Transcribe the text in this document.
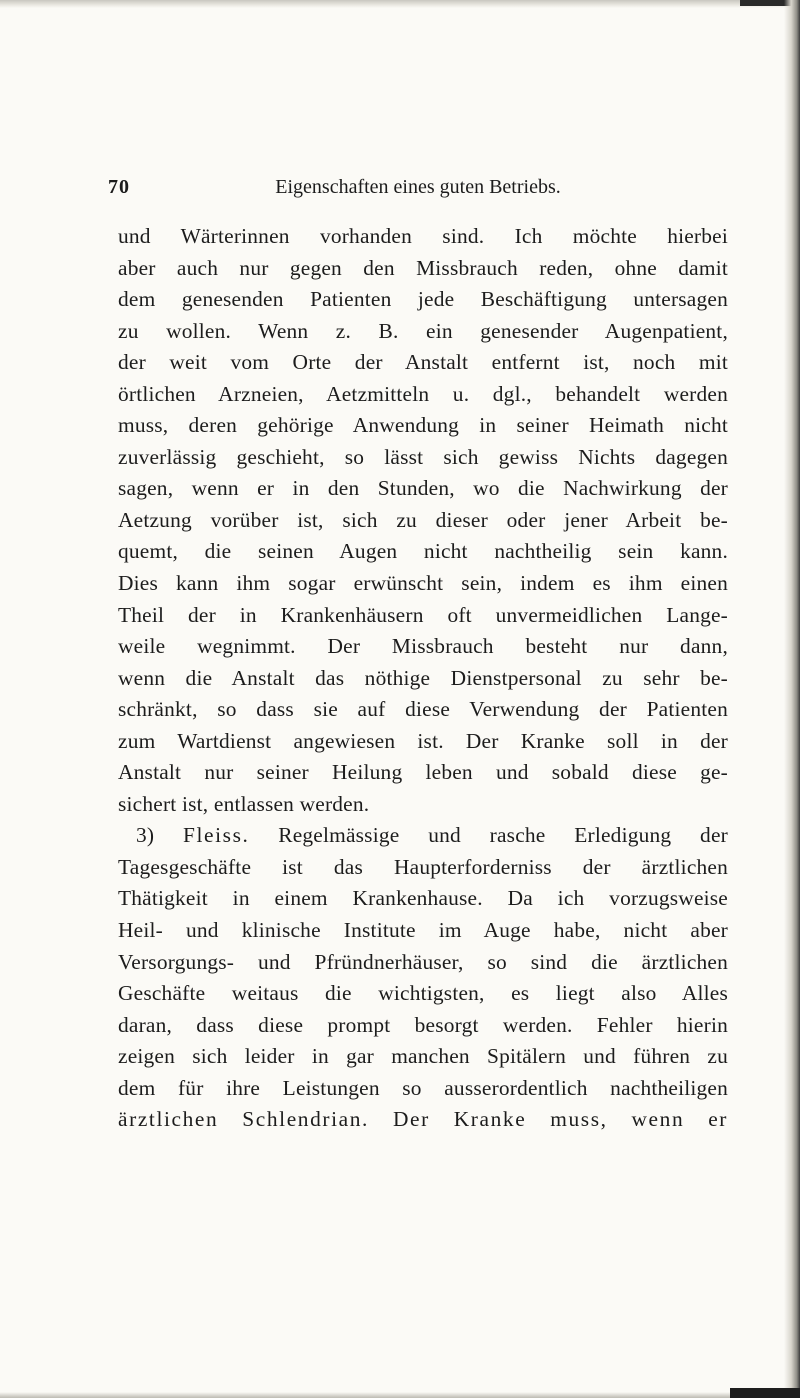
70	Eigenschaften eines guten Betriebs.
und Wärterinnen vorhanden sind. Ich möchte hierbei
aber auch nur gegen den Missbrauch reden, ohne damit
dem genesenden Patienten jede Beschäftigung untersagen
zu wollen. Wenn z. B. ein genesender Augenpatient,
der weit vom Orte der Anstalt entfernt ist, noch mit
örtlichen Arzneien, Aetzmitteln u. dgl., behandelt werden
muss, deren gehörige Anwendung in seiner Heimath nicht
zuverlässig geschieht, so lässt sich gewiss Nichts dagegen
sagen, wenn er in den Stunden, wo die Nachwirkung der
Aetzung vorüber ist, sich zu dieser oder jener Arbeit be-
quemt, die seinen Augen nicht nachtheilig sein kann.
Dies kann ihm sogar erwünscht sein, indem es ihm einen
Theil der in Krankenhäusern oft unvermeidlichen Lange-
weile wegnimmt. Der Missbrauch besteht nur dann,
wenn die Anstalt das nöthige Dienstpersonal zu sehr be-
schränkt, so dass sie auf diese Verwendung der Patienten
zum Wartdienst angewiesen ist. Der Kranke soll in der
Anstalt nur seiner Heilung leben und sobald diese ge-
sichert ist, entlassen werden.
3) Fleiss. Regelmässige und rasche Erledigung der
Tagesgeschäfte ist das Haupterforderniss der ärztlichen
Thätigkeit in einem Krankenhause. Da ich vorzugsweise
Heil- und klinische Institute im Auge habe, nicht aber
Versorgungs- und Pfründnerhäuser, so sind die ärztlichen
Geschäfte weitaus die wichtigsten, es liegt also Alles
daran, dass diese prompt besorgt werden. Fehler hierin
zeigen sich leider in gar manchen Spitälern und führen zu
dem für ihre Leistungen so ausserordentlich nachtheiligen
ärztlichen Schlendrian. Der Kranke muss, wenn er
